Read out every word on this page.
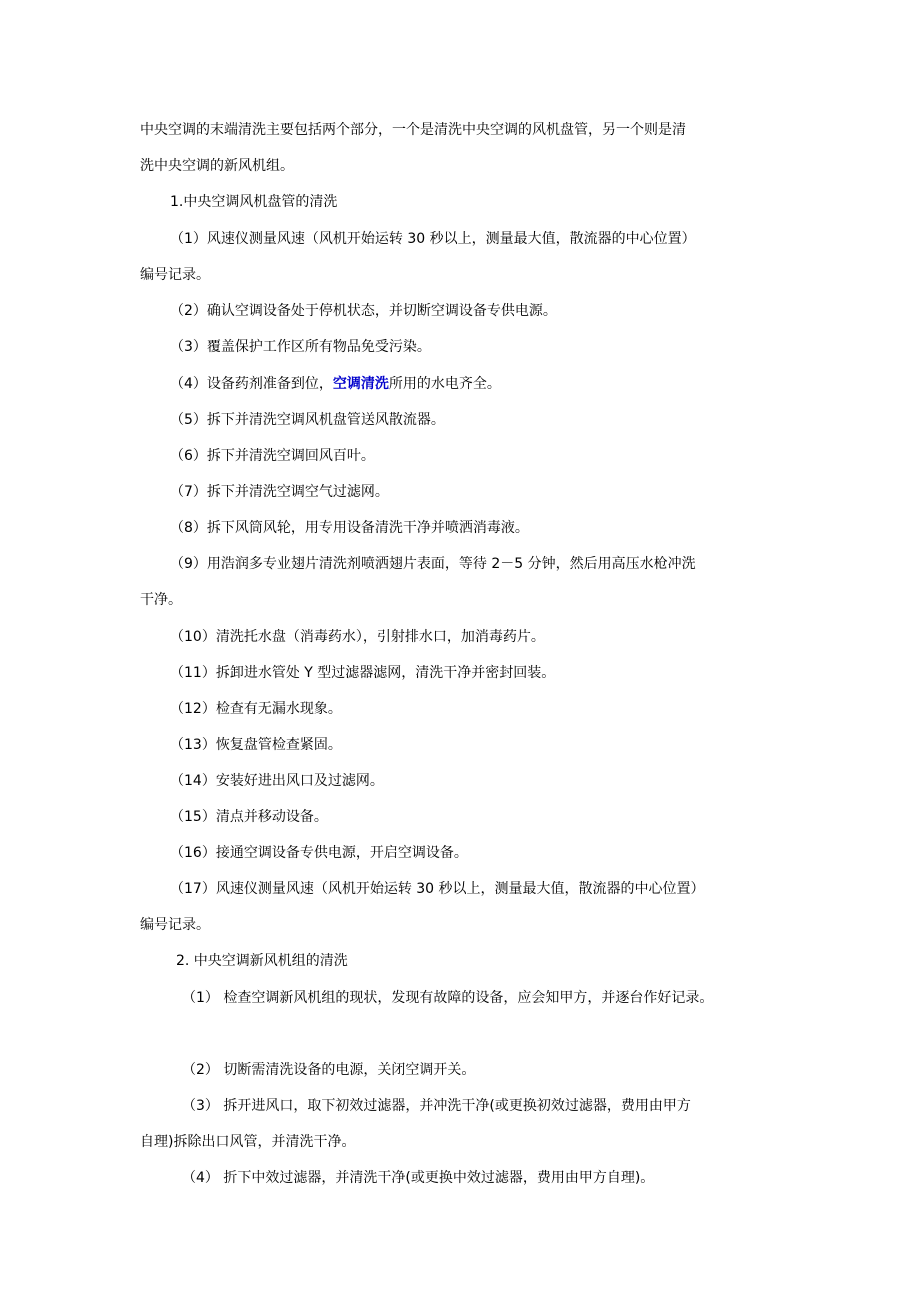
中央空调的末端清洗主要包括两个部分，一个是清洗中央空调的风机盘管，另一个则是清
洗中央空调的新风机组。
1.中央空调风机盘管的清洗
（1）风速仪测量风速（风机开始运转 30 秒以上，测量最大值，散流器的中心位置）
编号记录。
（2）确认空调设备处于停机状态，并切断空调设备专供电源。
（3）覆盖保护工作区所有物品免受污染。
（4）设备药剂准备到位，空调清洗所用的水电齐全。
（5）拆下并清洗空调风机盘管送风散流器。
（6）拆下并清洗空调回风百叶。
（7）拆下并清洗空调空气过滤网。
（8）拆下风筒风轮，用专用设备清洗干净并喷洒消毒液。
（9）用浩润多专业翅片清洗剂喷洒翅片表面，等待 2－5 分钟，然后用高压水枪冲洗
干净。
（10）清洗托水盘（消毒药水），引射排水口，加消毒药片。
（11）拆卸进水管处 Y 型过滤器滤网，清洗干净并密封回装。
（12）检查有无漏水现象。
（13）恢复盘管检查紧固。
（14）安装好进出风口及过滤网。
（15）清点并移动设备。
（16）接通空调设备专供电源，开启空调设备。
（17）风速仪测量风速（风机开始运转 30 秒以上，测量最大值，散流器的中心位置）
编号记录。
2. 中央空调新风机组的清洗
（1） 检查空调新风机组的现状，发现有故障的设备，应会知甲方，并逐台作好记录。
（2） 切断需清洗设备的电源，关闭空调开关。
（3） 拆开进风口，取下初效过滤器，并冲洗干净(或更换初效过滤器，费用由甲方
自理)拆除出口风管，并清洗干净。
（4） 折下中效过滤器，并清洗干净(或更换中效过滤器，费用由甲方自理)。
